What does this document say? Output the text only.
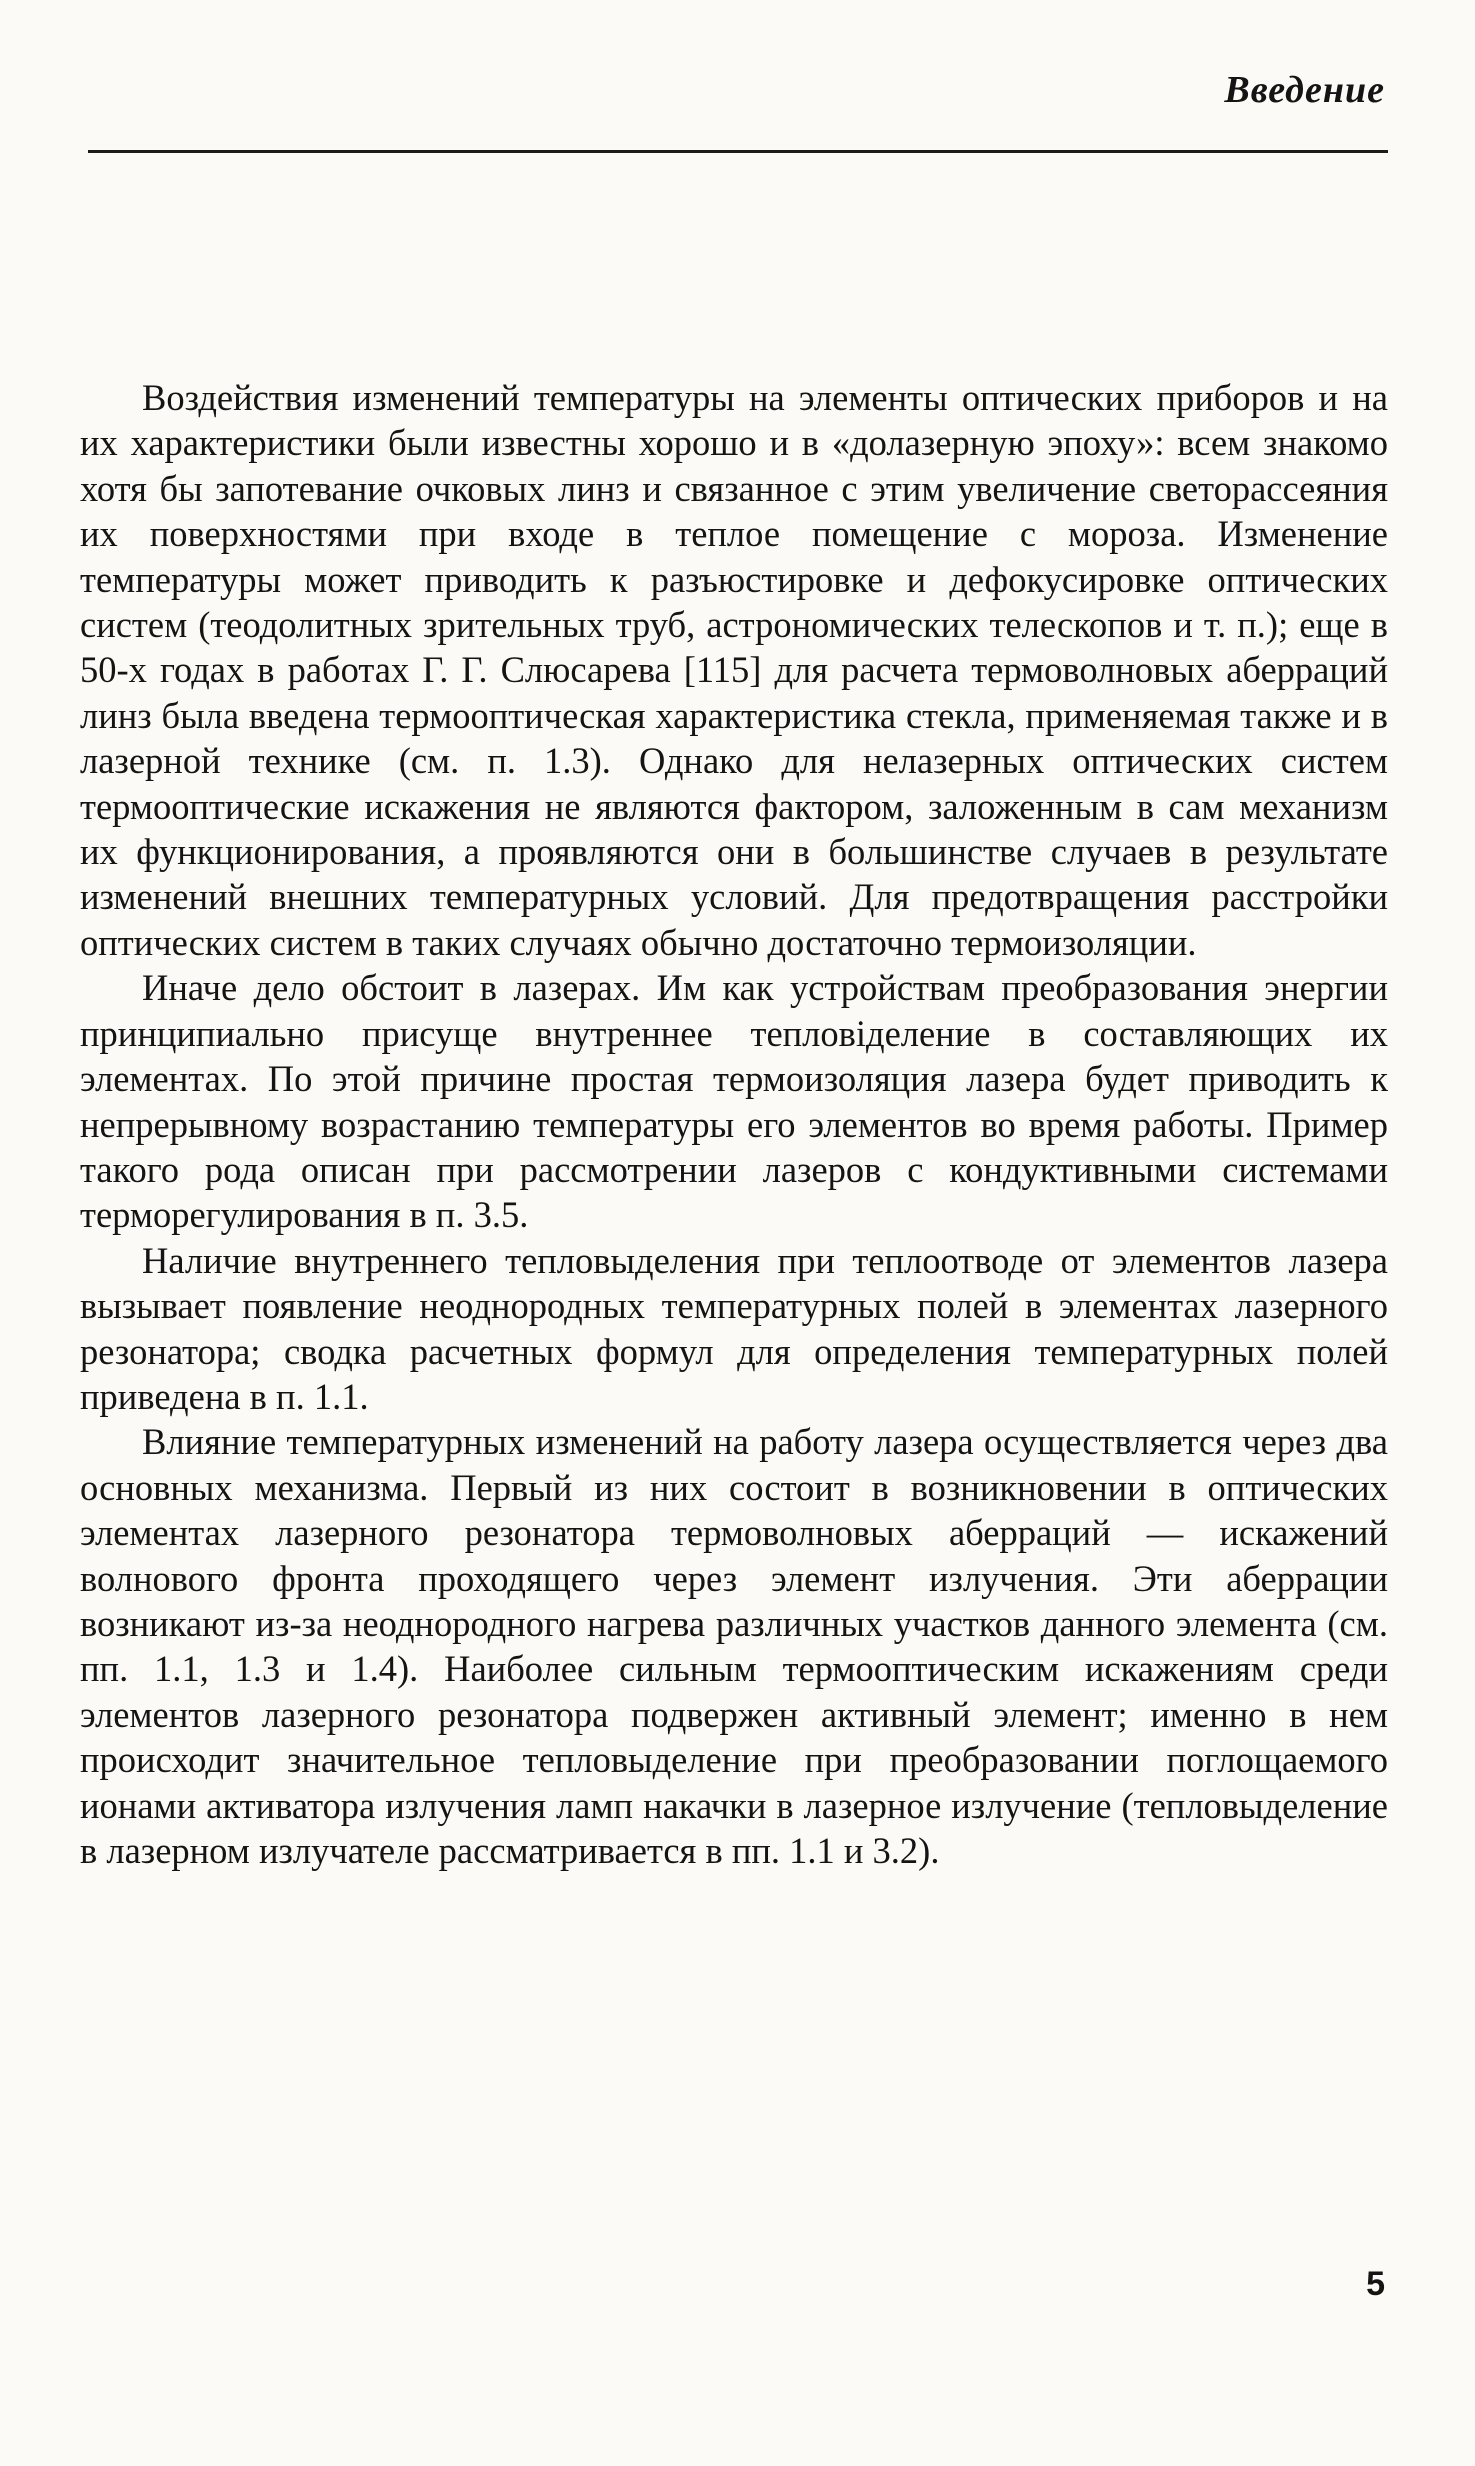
Введение

Воздействия изменений температуры на элементы оптических приборов и на их характеристики были известны хорошо и в «долазерную эпоху»: всем знакомо хотя бы запотевание очковых линз и связанное с этим увеличение светорассеяния их поверхностями при входе в теплое помещение с мороза. Изменение температуры может приводить к разъюстировке и дефокусировке оптических систем (теодолитных зрительных труб, астрономических телескопов и т. п.); еще в 50-х годах в работах Г. Г. Слюсарева [115] для расчета термоволновых аберраций линз была введена термооптическая характеристика стекла, применяемая также и в лазерной технике (см. п. 1.3). Однако для нелазерных оптических систем термооптические искажения не являются фактором, заложенным в сам механизм их функционирования, а проявляются они в большинстве случаев в результате изменений внешних температурных условий. Для предотвращения расстройки оптических систем в таких случаях обычно достаточно термоизоляции.

Иначе дело обстоит в лазерах. Им как устройствам преобразования энергии принципиально присуще внутреннее тепловіделение в составляющих их элементах. По этой причине простая термоизоляция лазера будет приводить к непрерывному возрастанию температуры его элементов во время работы. Пример такого рода описан при рассмотрении лазеров с кондуктивными системами терморегулирования в п. 3.5.

Наличие внутреннего тепловыделения при теплоотводе от элементов лазера вызывает появление неоднородных температурных полей в элементах лазерного резонатора; сводка расчетных формул для определения температурных полей приведена в п. 1.1.

Влияние температурных изменений на работу лазера осуществляется через два основных механизма. Первый из них состоит в возникновении в оптических элементах лазерного резонатора термоволновых аберраций — искажений волнового фронта проходящего через элемент излучения. Эти аберрации возникают из-за неоднородного нагрева различных участков данного элемента (см. пп. 1.1, 1.3 и 1.4). Наиболее сильным термооптическим искажениям среди элементов лазерного резонатора подвержен активный элемент; именно в нем происходит значительное тепловыделение при преобразовании поглощаемого ионами активатора излучения ламп накачки в лазерное излучение (тепловыделение в лазерном излучателе рассматривается в пп. 1.1 и 3.2).

5
